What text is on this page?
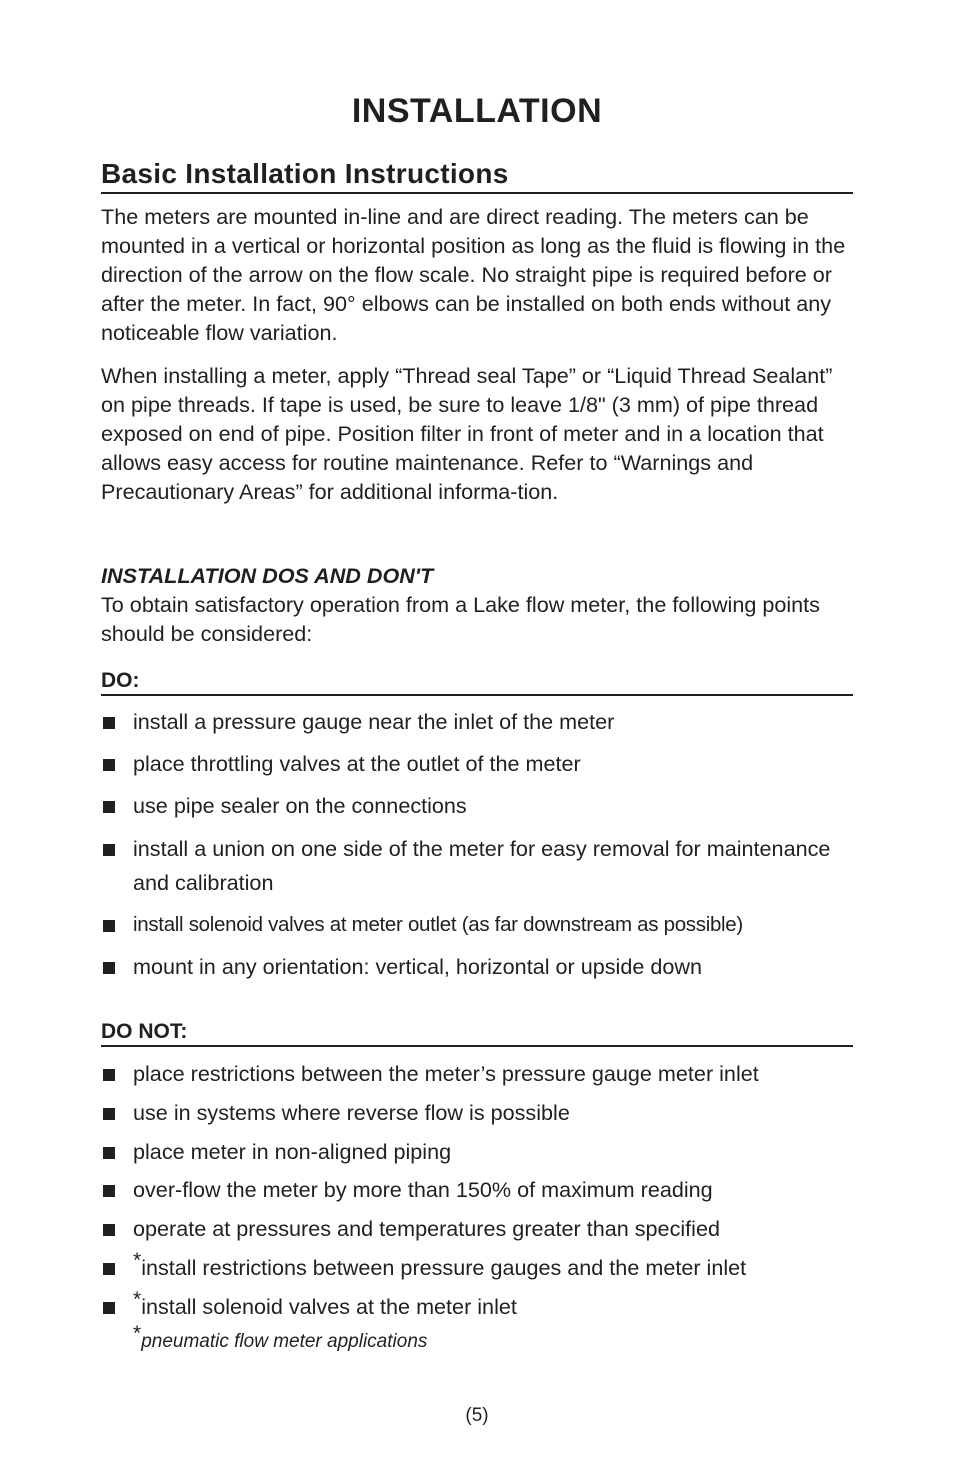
INSTALLATION
Basic Installation Instructions

The meters are mounted in-line and are direct reading. The meters can be mounted in a vertical or horizontal position as long as the fluid is flowing in the direction of the arrow on the flow scale. No straight pipe is required before or after the meter. In fact, 90° elbows can be installed on both ends without any noticeable flow variation.

When installing a meter, apply “Thread seal Tape” or “Liquid Thread Sealant” on pipe threads. If tape is used, be sure to leave 1/8" (3 mm) of pipe thread exposed on end of pipe. Position filter in front of meter and in a location that allows easy access for routine maintenance. Refer to “Warnings and Precautionary Areas” for additional informa-tion.

INSTALLATION DOS AND DON'T

To obtain satisfactory operation from a Lake flow meter, the following points should be considered:

DO:
install a pressure gauge near the inlet of the meter
place throttling valves at the outlet of the meter
use pipe sealer on the connections
install a union on one side of the meter for easy removal for maintenance and calibration
install solenoid valves at meter outlet (as far downstream as possible)
mount in any orientation: vertical, horizontal or upside down
DO NOT:
place restrictions between the meter’s pressure gauge meter inlet
use in systems where reverse flow is possible
place meter in non-aligned piping
over-flow the meter by more than 150% of maximum reading
operate at pressures and temperatures greater than specified
*install restrictions between pressure gauges and the meter inlet
*install solenoid valves at the meter inlet

*pneumatic flow meter applications

(5)
